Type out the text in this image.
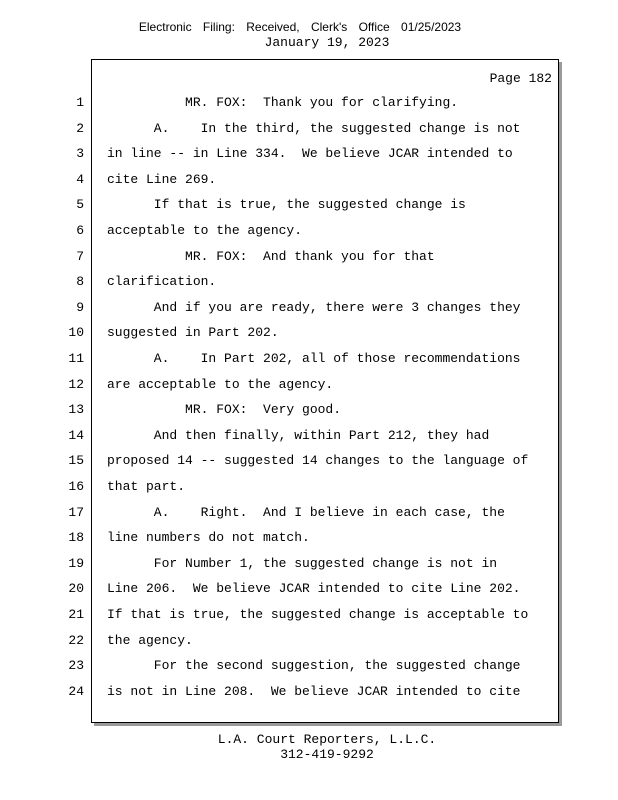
Electronic Filing: Received, Clerk's Office 01/25/2023
January 19, 2023
Page 182
1 MR. FOX:  Thank you for clarifying.
2 A.    In the third, the suggested change is not
3 in line -- in Line 334.  We believe JCAR intended to
4 cite Line 269.
5 If that is true, the suggested change is
6 acceptable to the agency.
7 MR. FOX:  And thank you for that
8 clarification.
9 And if you are ready, there were 3 changes they
10 suggested in Part 202.
11 A.    In Part 202, all of those recommendations
12 are acceptable to the agency.
13 MR. FOX:  Very good.
14 And then finally, within Part 212, they had
15 proposed 14 -- suggested 14 changes to the language of
16 that part.
17 A.    Right.  And I believe in each case, the
18 line numbers do not match.
19 For Number 1, the suggested change is not in
20 Line 206.  We believe JCAR intended to cite Line 202.
21 If that is true, the suggested change is acceptable to
22 the agency.
23 For the second suggestion, the suggested change
24 is not in Line 208.  We believe JCAR intended to cite
L.A. Court Reporters, L.L.C.
312-419-9292
